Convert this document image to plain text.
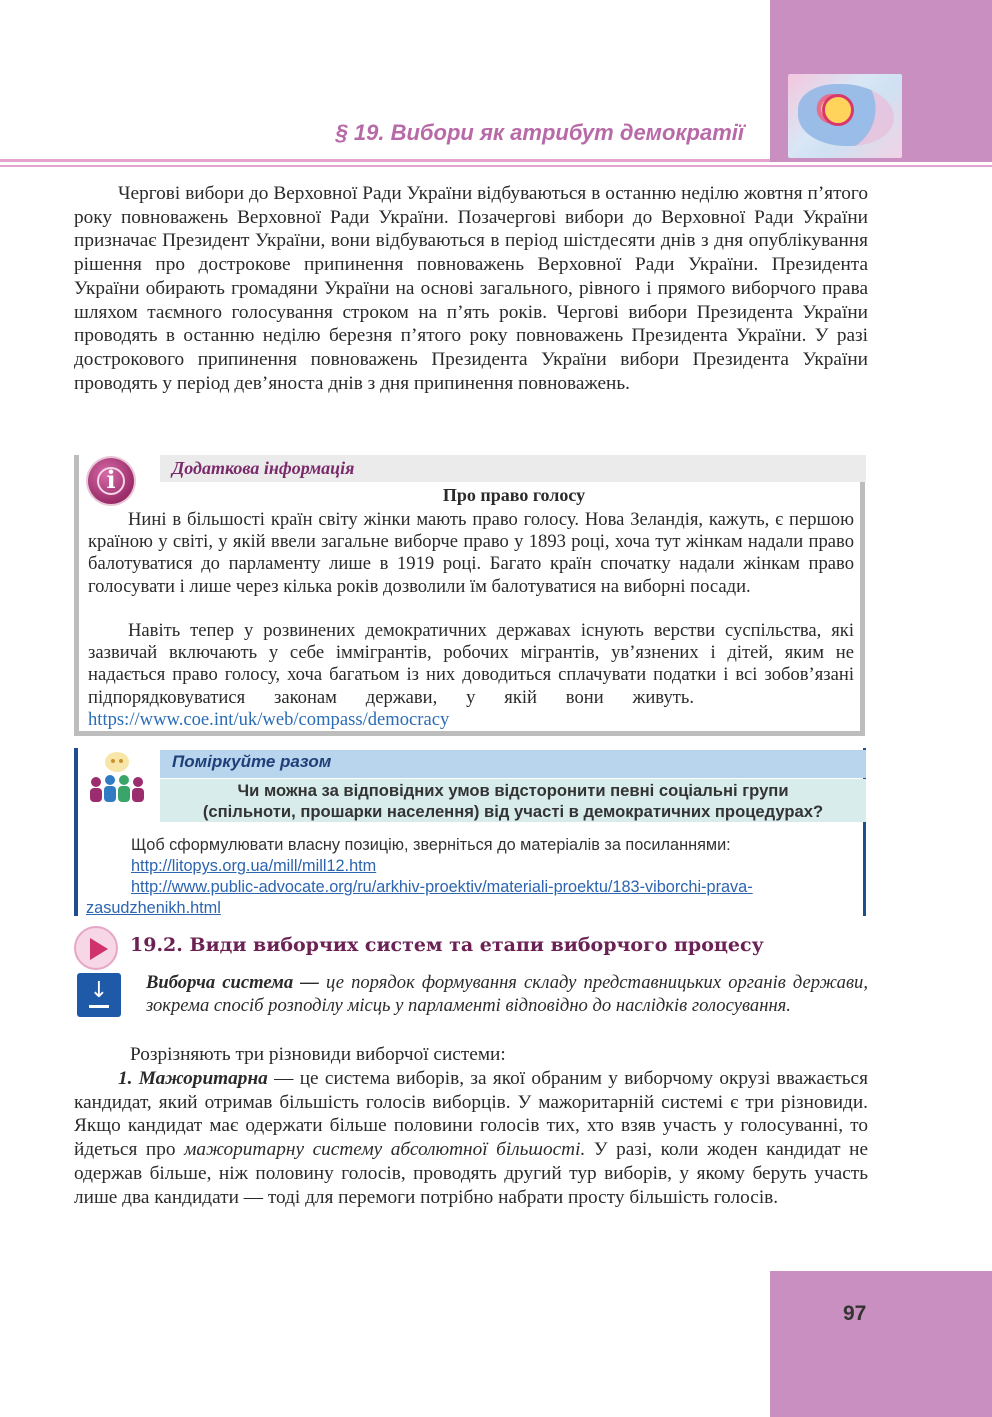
§ 19. Вибори як атрибут демократії
Чергові вибори до Верховної Ради України відбуваються в останню неділю жовтня п’ятого року повноважень Верховної Ради України. Позачергові вибори до Верховної Ради України призначає Президент України, вони відбуваються в період шістдесяти днів з дня опублікування рішення про дострокове припинення повноважень Верховної Ради України. Президента України обирають громадяни України на основі загального, рівного і прямого виборчого права шляхом таємного голосування строком на п’ять років. Чергові вибори Президента України проводять в останню неділю березня п’ятого року повноважень Президента України. У разі дострокового припинення повноважень Президента України вибори Президента України проводять у період дев’яноста днів з дня припинення повноважень.
Додаткова інформація
i
Про право голосу
Нині в більшості країн світу жінки мають право голосу. Нова Зеландія, кажуть, є першою країною у світі, у якій ввели загальне виборче право у 1893 році, хоча тут жінкам надали право балотуватися до парламенту лише в 1919 році. Багато країн спочатку надали жінкам право голосувати і лише через кілька років дозволили їм балотуватися на виборні посади.
Навіть тепер у розвинених демократичних державах існують верстви суспільства, які зазвичай включають у себе іммігрантів, робочих мігрантів, ув’язнених і дітей, яким не надається право голосу, хоча багатьом із них доводиться сплачувати податки і всі зобов’язані підпорядковуватися законам держави, у якій вони живуть.https://www.coe.int/uk/web/compass/democracy
Поміркуйте разом
Чи можна за відповідних умов відсторонити певні соціальні групи
(спільноти, прошарки населення) від участі в демократичних процедурах?
Щоб сформулювати власну позицію, зверніться до матеріалів за посиланнями:
http://litopys.org.ua/mill/mill12.htm
http://www.public-advocate.org/ru/arkhiv-proektiv/materiali-proektu/183-viborchi-prava-
zasudzhenikh.html
19.2. Види виборчих систем та етапи виборчого процесу
↓	Виборча система — це порядок формування складу представницьких органів держави, зокрема спосіб розподілу місць у парламенті відповідно до наслідків голосування.
Розрізняють три різновиди виборчої системи:
1. Мажоритарна — це система виборів, за якої обраним у виборчому окрузі вважається кандидат, який отримав більшість голосів виборців. У мажоритарній системі є три різновиди. Якщо кандидат має одержати більше половини голосів тих, хто взяв участь у голосуванні, то йдеться про мажоритарну систему абсолютної більшості. У разі, коли жоден кандидат не одержав більше, ніж половину голосів, проводять другий тур виборів, у якому беруть участь лише два кандидати — тоді для перемоги потрібно набрати просту більшість голосів.
97
